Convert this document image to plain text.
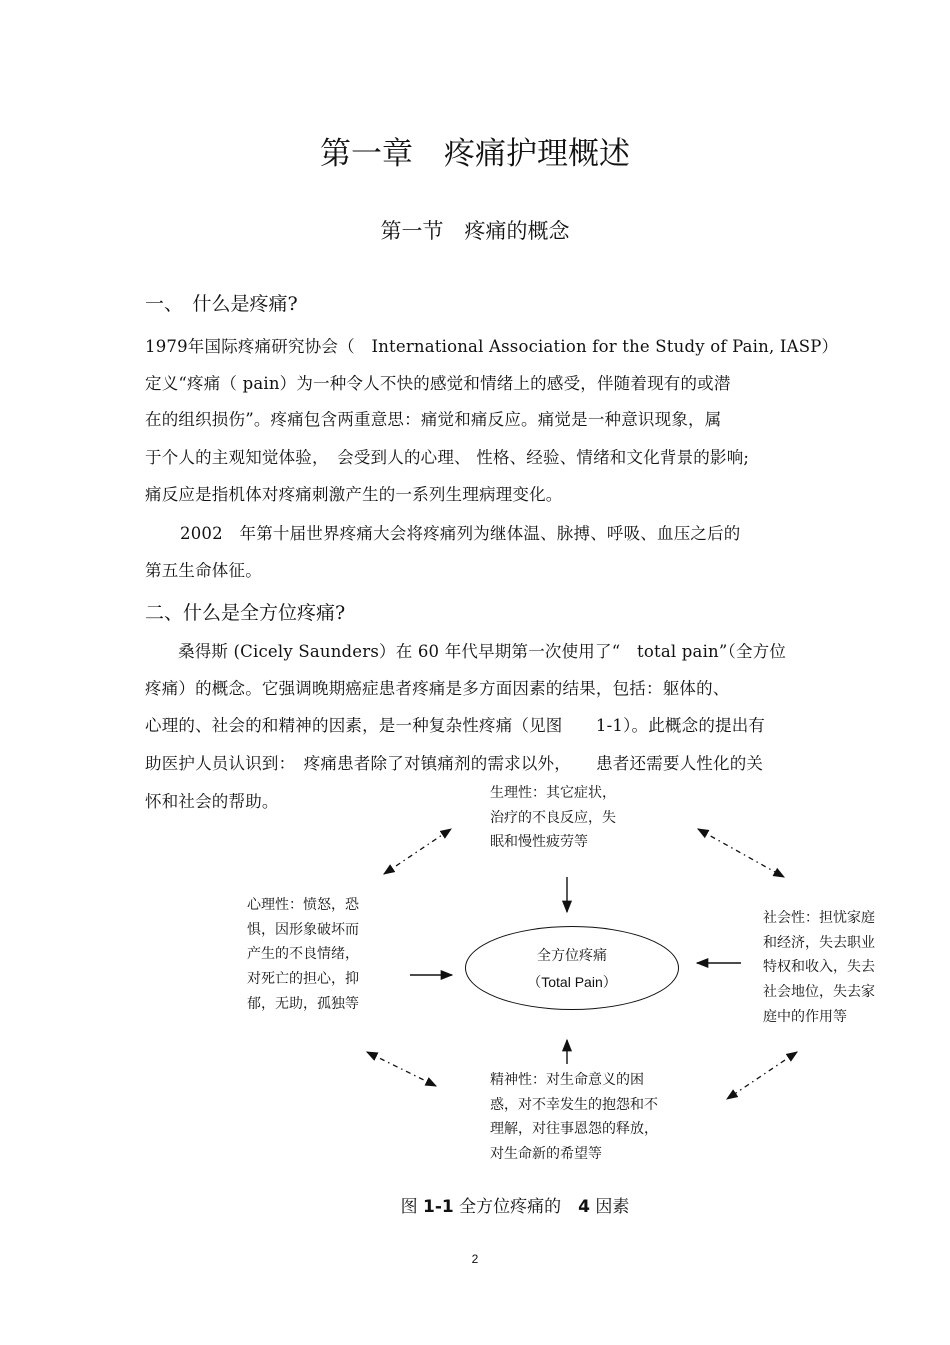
第一章　疼痛护理概述
第一节　疼痛的概念
一、　什么是疼痛?
1979年国际疼痛研究协会（　International Association for the Study of Pain, IASP）
定义“疼痛（ pain）为一种令人不快的感觉和情绪上的感受，伴随着现有的或潜
在的组织损伤”。疼痛包含两重意思：痛觉和痛反应。痛觉是一种意识现象，属
于个人的主观知觉体验，　会受到人的心理、 性格、经验、情绪和文化背景的影响;
痛反应是指机体对疼痛刺激产生的一系列生理病理变化。
2002　年第十届世界疼痛大会将疼痛列为继体温、脉搏、呼吸、血压之后的
第五生命体征。
二、什么是全方位疼痛?
桑得斯 (Cicely Saunders）在 60 年代早期第一次使用了“　total pain”（全方位
疼痛）的概念。它强调晚期癌症患者疼痛是多方面因素的结果，包括：躯体的、
心理的、社会的和精神的因素，是一种复杂性疼痛（见图　　1-1）。此概念的提出有
助医护人员认识到：　疼痛患者除了对镇痛剂的需求以外，　　患者还需要人性化的关
怀和社会的帮助。
全方位疼痛
（Total Pain）
生理性：其它症状，
治疗的不良反应，失
眠和慢性疲劳等
心理性：愤怒，恐
惧，因形象破坏而
产生的不良情绪，
对死亡的担心，抑
郁，无助，孤独等
社会性：担忧家庭
和经济，失去职业
特权和收入，失去
社会地位，失去家
庭中的作用等
精神性：对生命意义的困
惑，对不幸发生的抱怨和不
理解，对往事恩怨的释放，
对生命新的希望等
图 1-1 全方位疼痛的　4 因素
2
